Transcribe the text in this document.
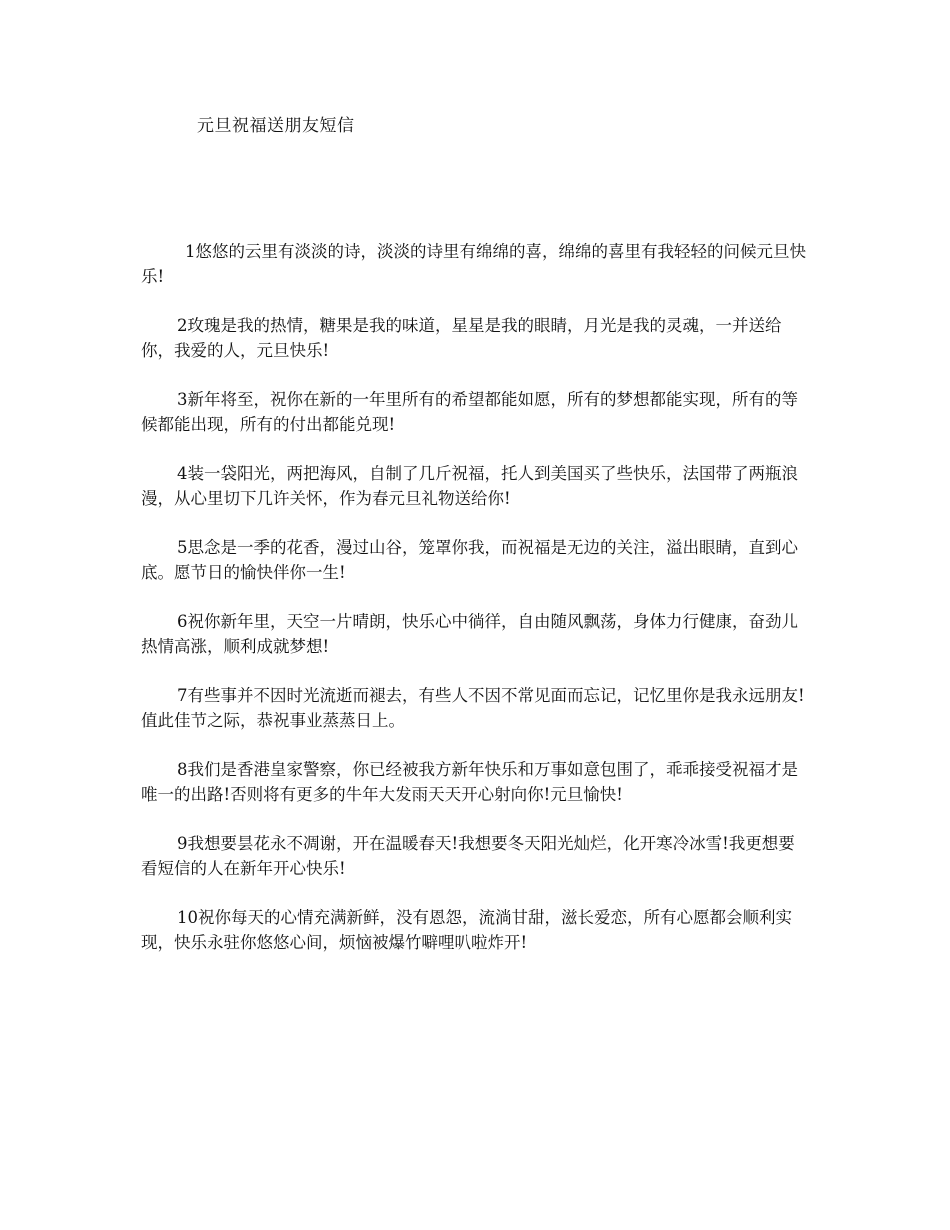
元旦祝福送朋友短信

1悠悠的云里有淡淡的诗，淡淡的诗里有绵绵的喜，绵绵的喜里有我轻轻的问候元旦快乐!

2玫瑰是我的热情，糖果是我的味道，星星是我的眼睛，月光是我的灵魂，一并送给你，我爱的人，元旦快乐!

3新年将至，祝你在新的一年里所有的希望都能如愿，所有的梦想都能实现，所有的等候都能出现，所有的付出都能兑现!

4装一袋阳光，两把海风，自制了几斤祝福，托人到美国买了些快乐，法国带了两瓶浪漫，从心里切下几许关怀，作为春元旦礼物送给你!

5思念是一季的花香，漫过山谷，笼罩你我，而祝福是无边的关注，溢出眼睛，直到心底。愿节日的愉快伴你一生!

6祝你新年里，天空一片晴朗，快乐心中徜徉，自由随风飘荡，身体力行健康，奋劲儿热情高涨，顺利成就梦想!

7有些事并不因时光流逝而褪去，有些人不因不常见面而忘记，记忆里你是我永远朋友!值此佳节之际，恭祝事业蒸蒸日上。

8我们是香港皇家警察，你已经被我方新年快乐和万事如意包围了，乖乖接受祝福才是唯一的出路!否则将有更多的牛年大发雨天天开心射向你!元旦愉快!

9我想要昙花永不凋谢，开在温暖春天!我想要冬天阳光灿烂，化开寒冷冰雪!我更想要看短信的人在新年开心快乐!

10祝你每天的心情充满新鲜，没有恩怨，流淌甘甜，滋长爱恋，所有心愿都会顺利实现，快乐永驻你悠悠心间，烦恼被爆竹噼哩叭啦炸开!
